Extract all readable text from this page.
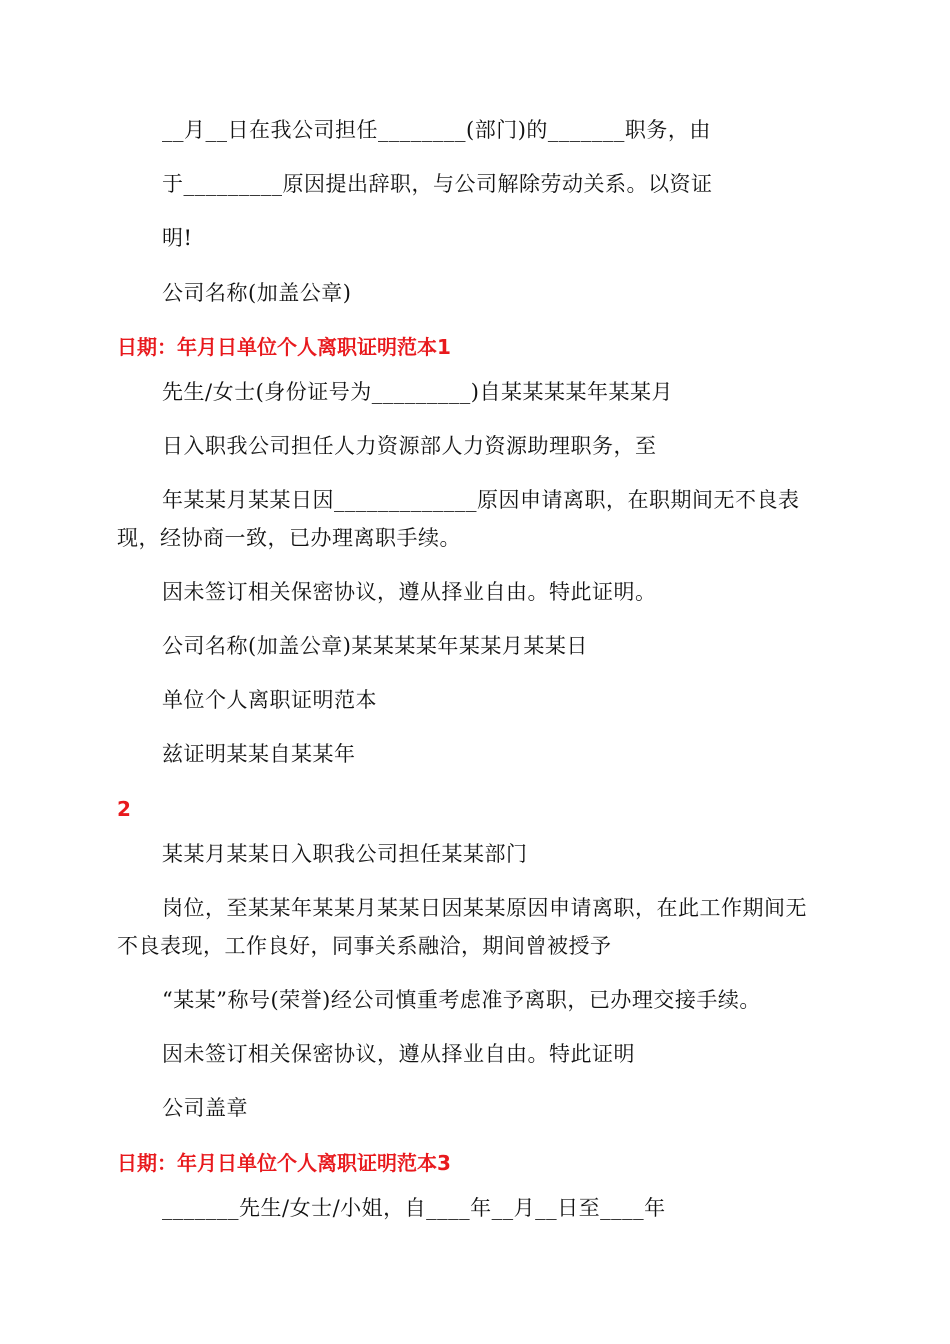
__月__日在我公司担任________(部门)的_______职务，由
于_________原因提出辞职，与公司解除劳动关系。以资证
明!
公司名称(加盖公章)
日期：年月日单位个人离职证明范本1
先生/女士(身份证号为_________)自某某某某年某某月
日入职我公司担任人力资源部人力资源助理职务，至
年某某月某某日因_____________原因申请离职，在职期间无不良表
现，经协商一致，已办理离职手续。
因未签订相关保密协议，遵从择业自由。特此证明。
公司名称(加盖公章)某某某某年某某月某某日
单位个人离职证明范本
兹证明某某自某某年
2
某某月某某日入职我公司担任某某部门
岗位，至某某年某某月某某日因某某原因申请离职，在此工作期间无
不良表现，工作良好，同事关系融洽，期间曾被授予
“某某”称号(荣誉)经公司慎重考虑准予离职，已办理交接手续。
因未签订相关保密协议，遵从择业自由。特此证明
公司盖章
日期：年月日单位个人离职证明范本3
_______先生/女士/小姐，自____年__月__日至____年
